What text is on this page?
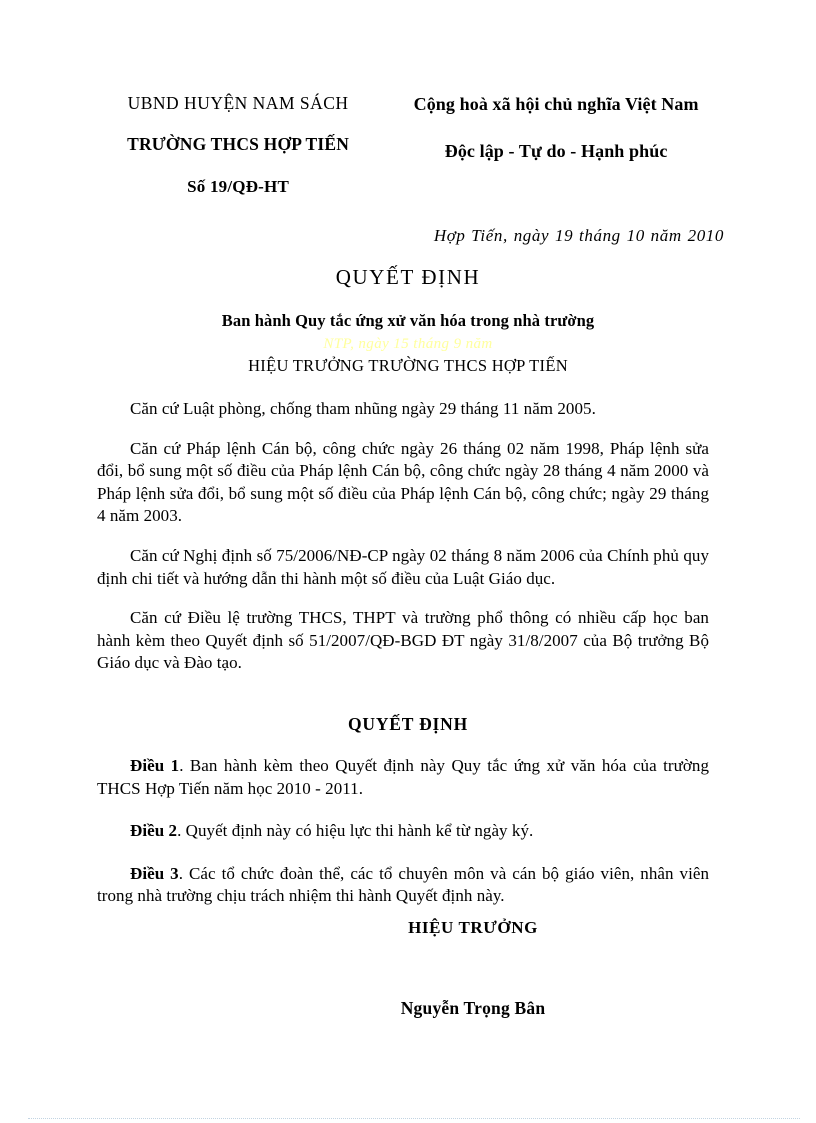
UBND HUYỆN NAM SÁCH
TRƯỜNG THCS HỢP TIẾN
Số 19/QĐ-HT
Cộng hoà xã hội chủ nghĩa Việt Nam
Độc lập - Tự do - Hạnh phúc
Hợp Tiến, ngày 19 tháng 10 năm 2010
QUYẾT ĐỊNH
Ban hành Quy tắc ứng xử văn hóa trong nhà trường
NTP, ngày 15 tháng 9 năm
HIỆU TRƯỞNG TRƯỜNG THCS HỢP TIẾN

Căn cứ Luật phòng, chống tham nhũng ngày 29 tháng 11 năm 2005.

Căn cứ Pháp lệnh Cán bộ, công chức ngày 26 tháng 02 năm 1998, Pháp lệnh sửa đổi, bổ sung một số điều của Pháp lệnh Cán bộ, công chức ngày 28 tháng 4 năm 2000 và Pháp lệnh sửa đổi, bổ sung một số điều của Pháp lệnh Cán bộ, công chức; ngày 29 tháng 4 năm 2003.

Căn cứ Nghị định số 75/2006/NĐ-CP ngày 02 tháng 8 năm 2006 của Chính phủ quy định chi tiết và hướng dẫn thi hành một số điều của Luật Giáo dục.

Căn cứ Điều lệ trường THCS, THPT và trường phổ thông có nhiều cấp học ban hành kèm theo Quyết định số 51/2007/QĐ-BGD ĐT ngày 31/8/2007 của Bộ trưởng Bộ Giáo dục và Đào tạo.

QUYẾT ĐỊNH

Điều 1. Ban hành kèm theo Quyết định này Quy tắc ứng xử văn hóa của trường THCS Hợp Tiến năm học 2010 - 2011.

Điều 2. Quyết định này có hiệu lực thi hành kể từ ngày ký.

Điều 3. Các tổ chức đoàn thể, các tổ chuyên môn và cán bộ giáo viên, nhân viên trong nhà trường chịu trách nhiệm thi hành Quyết định này.

HIỆU TRƯỞNG
Nguyễn Trọng Bân
